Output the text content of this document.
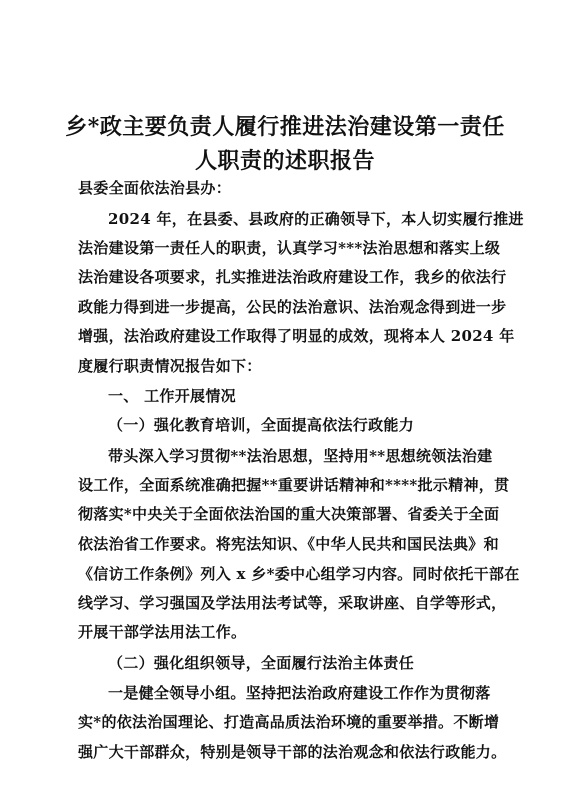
乡*政主要负责人履行推进法治建设第一责任
人职责的述职报告
县委全面依法治县办：
2024 年，在县委、县政府的正确领导下，本人切实履行推进
法治建设第一责任人的职责，认真学习***法治思想和落实上级
法治建设各项要求，扎实推进法治政府建设工作，我乡的依法行
政能力得到进一步提高，公民的法治意识、法治观念得到进一步
增强，法治政府建设工作取得了明显的成效，现将本人 2024 年
度履行职责情况报告如下：
一、 工作开展情况
（一）强化教育培训，全面提高依法行政能力
带头深入学习贯彻**法治思想，坚持用**思想统领法治建
设工作，全面系统准确把握**重要讲话精神和****批示精神，贯
彻落实*中央关于全面依法治国的重大决策部署、省委关于全面
依法治省工作要求。将宪法知识、《中华人民共和国民法典》和
《信访工作条例》列入 x 乡*委中心组学习内容。同时依托干部在
线学习、学习强国及学法用法考试等，采取讲座、自学等形式，
开展干部学法用法工作。
（二）强化组织领导，全面履行法治主体责任
一是健全领导小组。坚持把法治政府建设工作作为贯彻落
实*的依法治国理论、打造高品质法治环境的重要举措。不断增
强广大干部群众，特别是领导干部的法治观念和依法行政能力。
